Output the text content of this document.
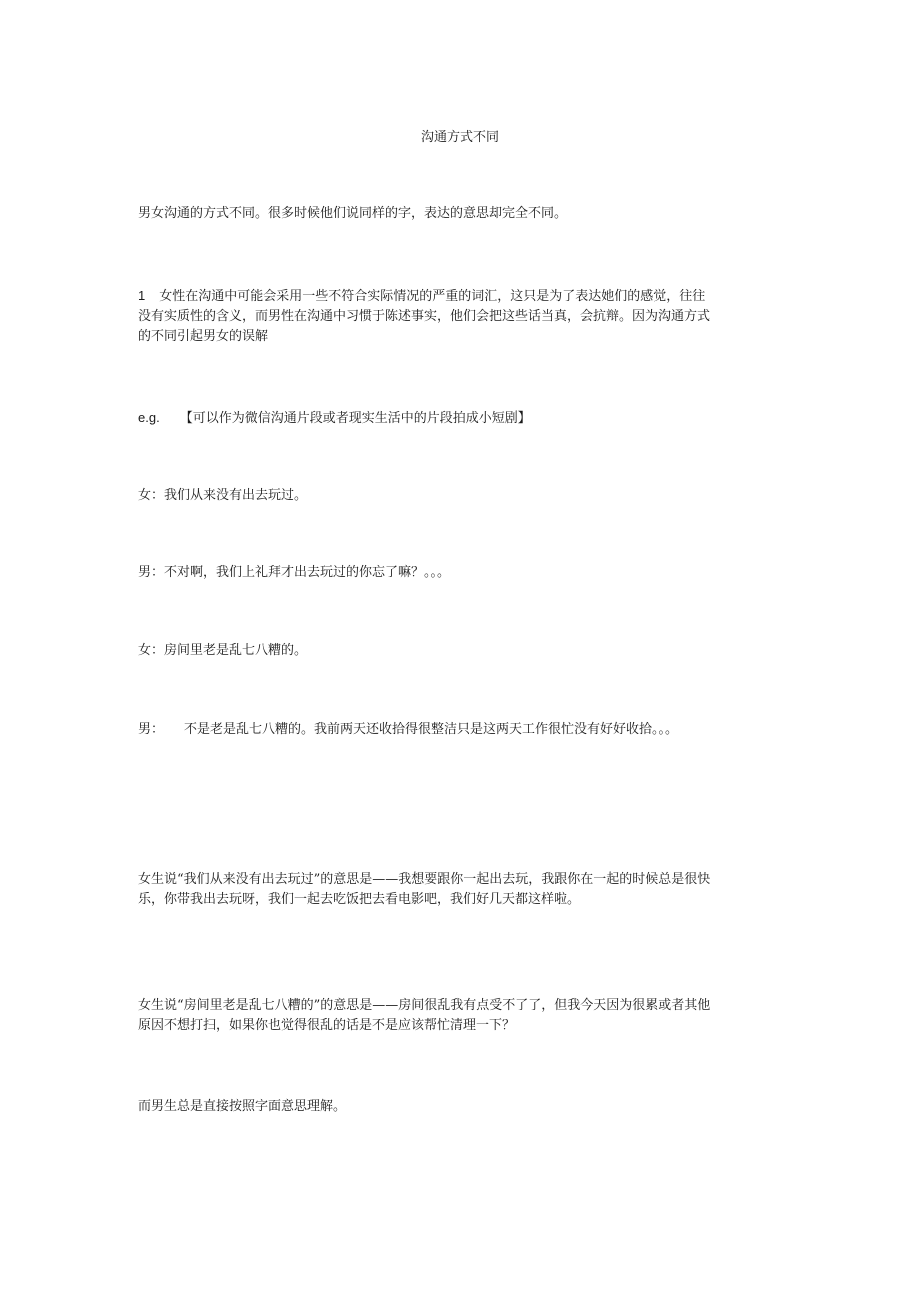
沟通方式不同

男女沟通的方式不同。很多时候他们说同样的字，表达的意思却完全不同。

1 女性在沟通中可能会采用一些不符合实际情况的严重的词汇，这只是为了表达她们的感觉，往往没有实质性的含义，而男性在沟通中习惯于陈述事实，他们会把这些话当真，会抗辩。因为沟通方式的不同引起男女的误解

e.g. 【可以作为微信沟通片段或者现实生活中的片段拍成小短剧】

女：我们从来没有出去玩过。

男：不对啊，我们上礼拜才出去玩过的你忘了嘛？。。。

女：房间里老是乱七八糟的。

男： 不是老是乱七八糟的。我前两天还收拾得很整洁只是这两天工作很忙没有好好收拾。。。

女生说“我们从来没有出去玩过”的意思是——我想要跟你一起出去玩，我跟你在一起的时候总是很快乐，你带我出去玩呀，我们一起去吃饭把去看电影吧，我们好几天都这样啦。

女生说“房间里老是乱七八糟的”的意思是——房间很乱我有点受不了了，但我今天因为很累或者其他原因不想打扫，如果你也觉得很乱的话是不是应该帮忙清理一下？

而男生总是直接按照字面意思理解。
